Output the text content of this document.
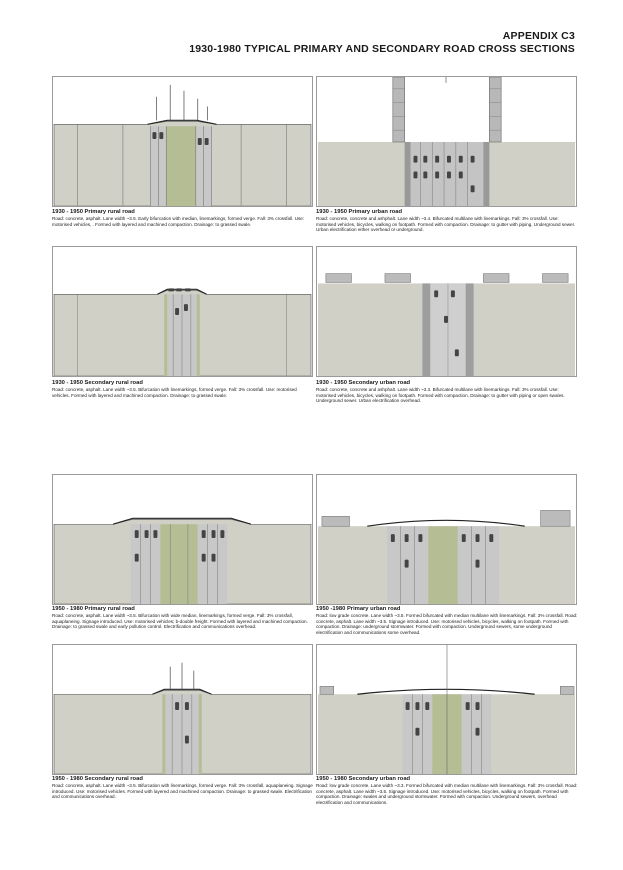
APPENDIX C3
1930-1980 TYPICAL PRIMARY AND SECONDARY ROAD CROSS SECTIONS
1930 - 1950 Primary rural road
Road: concrete, asphalt. Lane width ~3.5. Early bifurcation with median, linemarkings, formed verge. Fall: 3% crossfall. Use: motorised vehicles, . Formed with layered and machined compaction. Drainage: to grassed swale.
1930 - 1950 Primary urban road
Road: concrete, concrete and ashphalt. Lane width ~3.4. Bifurcated multilane with linemarkings. Fall: 3% crossfall. Use: motorised vehicles, bicycles, walking on footpath. Formed with compaction. Drainage: to gutter with piping. Underground sewer. Urban electrification either overhead or underground.
1930 - 1950 Secondary rural road
Road: concrete, asphalt. Lane width ~3.5. Bifurcation with linemarkings, formed verge. Fall: 3% crossfall. Use: motorised vehicles. Formed with layered and machined compaction. Drainage: to grassed swale.
1930 - 1950 Secondary urban road
Road: concrete, concrete and ashphalt. Lane width ~3.3. Bifurcated multilane with linemarkings. Fall: 3% crossfall. Use: motorised vehicles, bicycles, walking on footpath. Formed with compaction. Drainage: to gutter with piping or open swales. Underground sewer. Urban electrification overhead.
1950 - 1980 Primary rural road
Road: concrete, asphalt. Lane width ~3.5. Bifurcation with wide median, linemarkings, formed verge. Fall: 3% crossfall, aquaplaneing. Signage introduced. Use: motorised vehicles; b-double freight. Formed with layered and machined compaction. Drainage: to grassed swale and early pollution control. Electrification and communications overhead.
1950 -1980 Primary urban road
Road: low grade concrete. Lane width ~3.5. Formed bifurcated with median multilane with linemarkings. Fall: 3% crossfall. Road: concrete, asphalt. Lane width ~3.5. Signage introduced. Use: motorised vehicles, bicycles, walking on footpath. Formed with compaction. Drainage: underground stormwater. Formed with compaction. Underground sewers, some underground electrification and communications some overhead.
1950 - 1980 Secondary rural road
Road: concrete, asphalt. Lane width ~3.5. Bifurcation with linemarkings, formed verge. Fall: 3% crossfall, aquaplaneing. Signage introduced. Use: motorised vehicles. Formed with layered and machined compaction. Drainage: to grassed swale. Electrification and communications overhead.
1950 - 1980 Secondary urban road
Road: low grade concrete. Lane width ~3.3. Formed bifurcated with median multilane with linemarkings. Fall: 3% crossfall. Road: concrete, asphalt. Lane width ~3.5. Signage introduced. Use: motorised vehicles, bicycles, walking on footpath. Formed with compaction. Drainage: swales and underground stormwater. Formed with compaction. Underground sewers, overhead electrification and communications.
